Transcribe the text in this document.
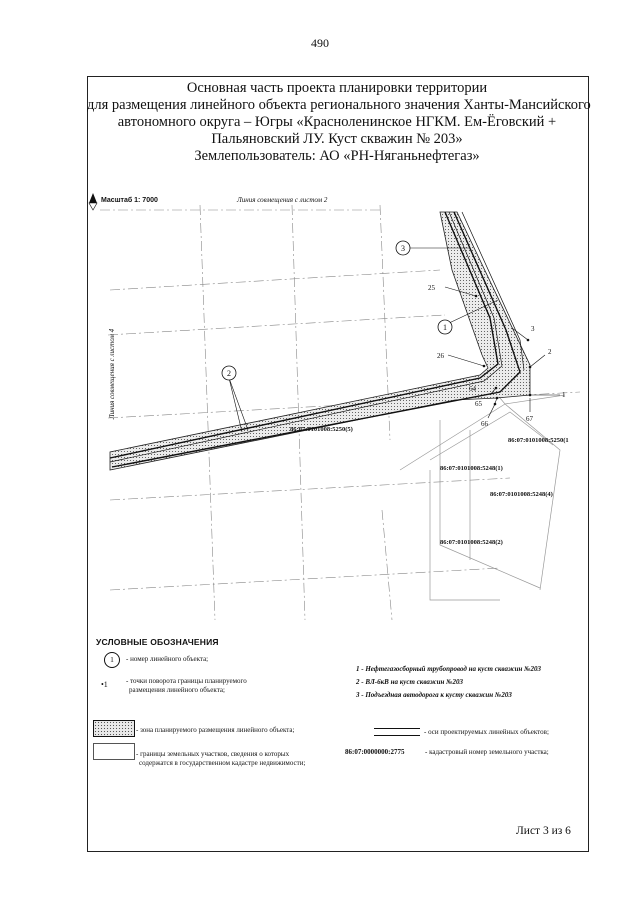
490
Основная часть проекта планировки территории
для размещения линейного объекта регионального значения Ханты-Мансийского
автономного округа – Югры «Красноленинское НГКМ. Ем-Ёговский +
Пальяновский ЛУ. Куст скважин № 203»
Землепользователь: АО «РН-Няганьнефтегаз»
3
1
2
25
26
3
2
1
64
65
66
67
86:07:0101008:5250(5)
86:07:0101008:5250(1
86:07:0101008:5248(1)
86:07:0101008:5248(4)
86:07:0101008:5248(2)
Масштаб 1: 7000	Линия совмещения с листом 2
Линия совмещения с листом 4
УСЛОВНЫЕ ОБОЗНАЧЕНИЯ
1	- номер линейного объекта;
•1	- точки поворота границы планируемого
размещения линейного объекта;
1 - Нефтегазосборный трубопровод на куст скважин №203
2 - ВЛ-6кВ на куст скважин №203
3 - Подъездная автодорога к кусту скважин №203
- зона планируемого размещения линейного объекта;	- оси проектируемых линейных объектов;
- границы земельных участков, сведения о которых
содержатся в государственном кадастре недвижимости;
86:07:0000000:2775	- кадастровый номер земельного участка;
Лист 3 из 6
